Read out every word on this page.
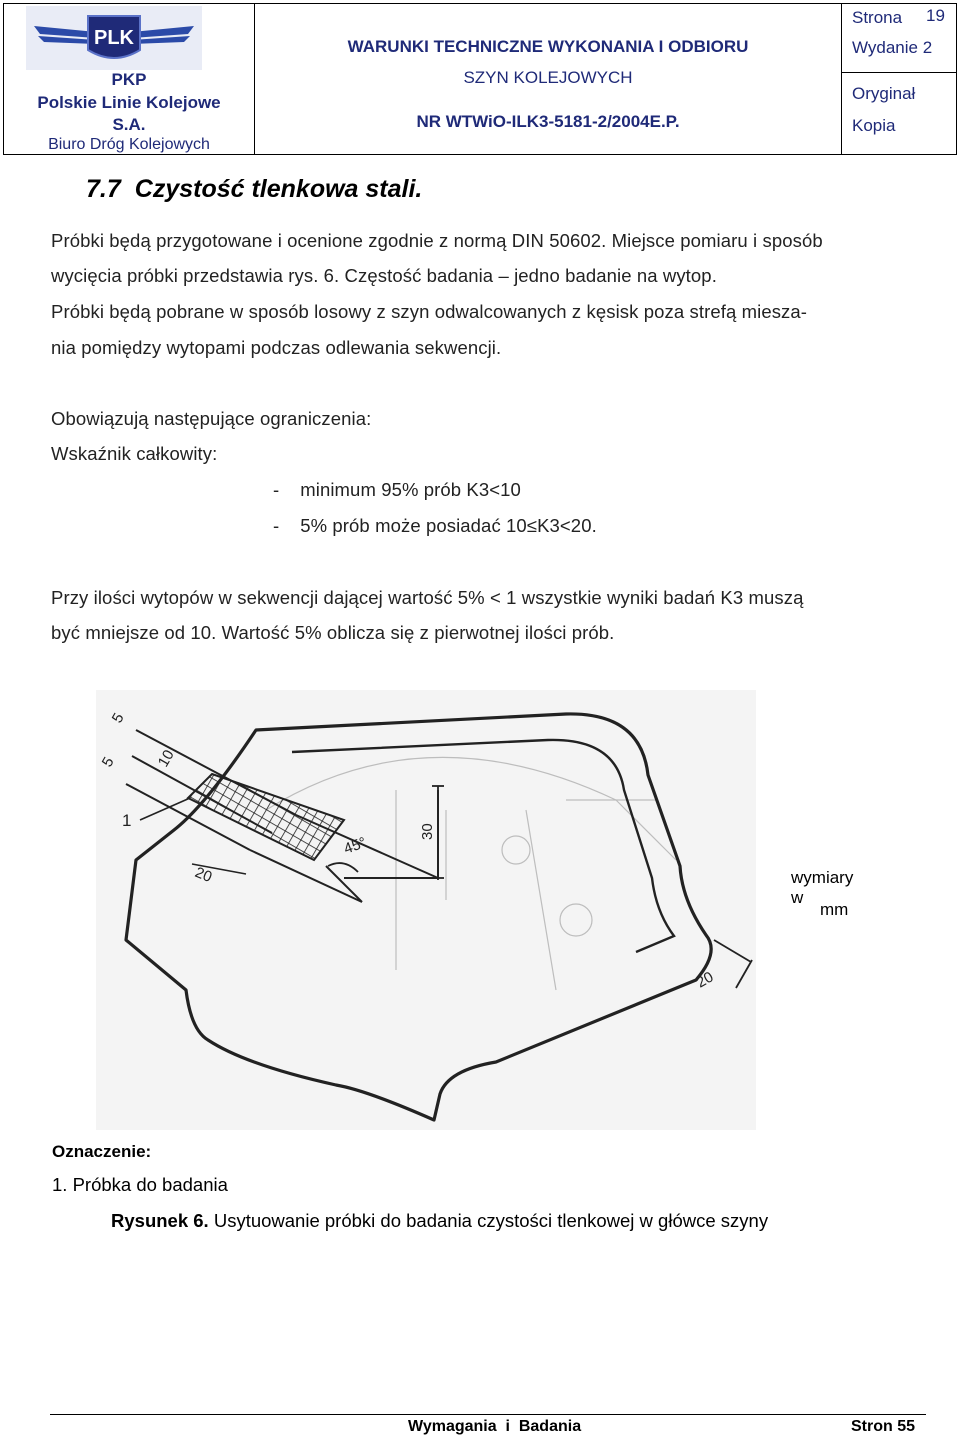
PLK
PKP
Polskie Linie Kolejowe
S.A.
Biuro Dróg Kolejowych
WARUNKI TECHNICZNE WYKONANIA I ODBIORU
SZYN KOLEJOWYCH
NR WTWiO-ILK3-5181-2/2004E.P.
Strona 19
Wydanie 2
Oryginał
Kopia
7.7 Czystość tlenkowa stali.

Próbki będą przygotowane i ocenione zgodnie z normą DIN 50602. Miejsce pomiaru i sposób

wycięcia próbki przedstawia rys. 6. Częstość badania – jedno badanie na wytop.

Próbki będą pobrane w sposób losowy z szyn odwalcowanych z kęsisk poza strefą miesza-

nia pomiędzy wytopami podczas odlewania sekwencji.

Obowiązują następujące ograniczenia:

Wskaźnik całkowity:

-    minimum 95% prób K3<10

-    5% prób może posiadać 10≤K3<20.

Przy ilości wytopów w sekwencji dającej wartość 5% < 1 wszystkie wyniki badań K3 muszą

być mniejsze od 10. Wartość 5% oblicza się z pierwotnej ilości prób.

5
5 10
30
20
20
45°
1
wymiary w
mm
Oznaczenie:
1. Próbka do badania
Rysunek 6. Usytuowanie próbki do badania czystości tlenkowej w główce szyny
Wymagania  i  Badania	Stron 55
